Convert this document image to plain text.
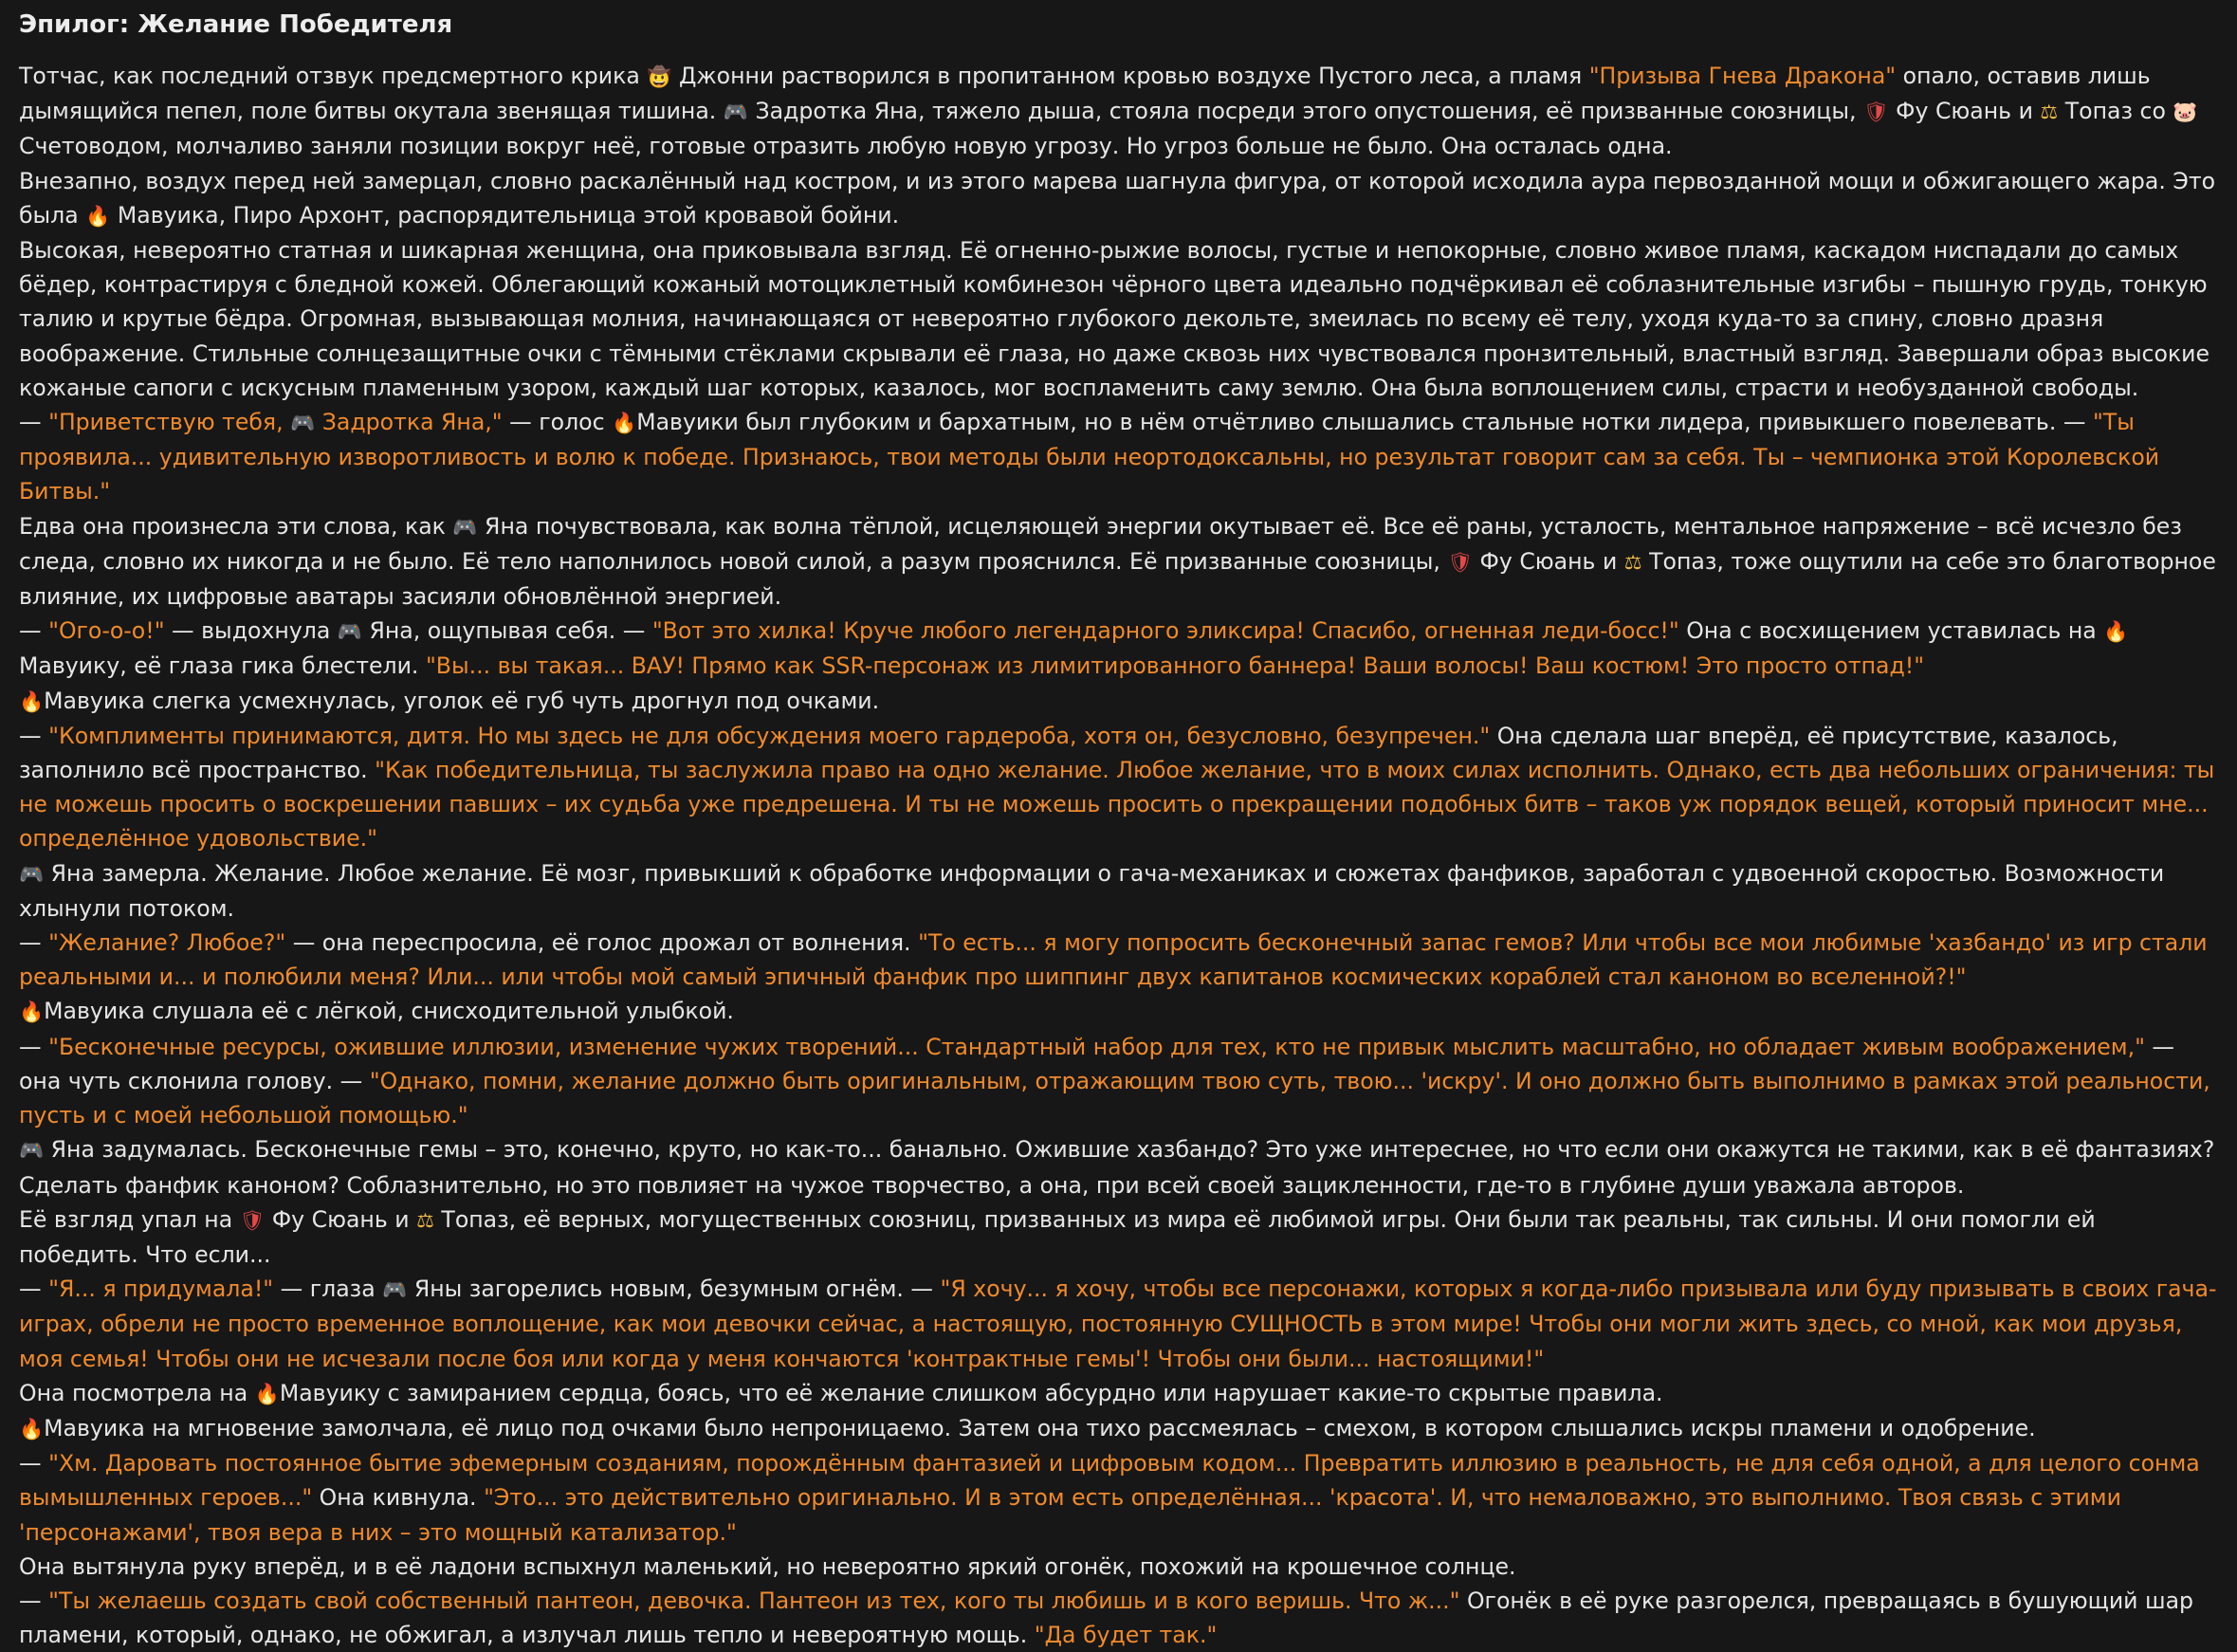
Эпилог: Желание Победителя

Тотчас, как последний отзвук предсмертного крика 🤠 Джонни растворился в пропитанном кровью воздухе Пустого леса, а пламя "Призыва Гнева Дракона" опало, оставив лишь дымящийся пепел, поле битвы окутала звенящая тишина. 🎮 Задротка Яна, тяжело дыша, стояла посреди этого опустошения, её призванные союзницы, 🛡 Фу Сюань и ⚖ Топаз со 🐷 Счетоводом, молчаливо заняли позиции вокруг неё, готовые отразить любую новую угрозу. Но угроз больше не было. Она осталась одна.

Внезапно, воздух перед ней замерцал, словно раскалённый над костром, и из этого марева шагнула фигура, от которой исходила аура первозданной мощи и обжигающего жара. Это была 🔥 Мавуика, Пиро Архонт, распорядительница этой кровавой бойни.

Высокая, невероятно статная и шикарная женщина, она приковывала взгляд. Её огненно-рыжие волосы, густые и непокорные, словно живое пламя, каскадом ниспадали до самых бёдер, контрастируя с бледной кожей. Облегающий кожаный мотоциклетный комбинезон чёрного цвета идеально подчёркивал её соблазнительные изгибы – пышную грудь, тонкую талию и крутые бёдра. Огромная, вызывающая молния, начинающаяся от невероятно глубокого декольте, змеилась по всему её телу, уходя куда-то за спину, словно дразня воображение. Стильные солнцезащитные очки с тёмными стёклами скрывали её глаза, но даже сквозь них чувствовался пронзительный, властный взгляд. Завершали образ высокие кожаные сапоги с искусным пламенным узором, каждый шаг которых, казалось, мог воспламенить саму землю. Она была воплощением силы, страсти и необузданной свободы.

— "Приветствую тебя, 🎮 Задротка Яна," — голос 🔥Мавуики был глубоким и бархатным, но в нём отчётливо слышались стальные нотки лидера, привыкшего повелевать. — "Ты проявила... удивительную изворотливость и волю к победе. Признаюсь, твои методы были неортодоксальны, но результат говорит сам за себя. Ты – чемпионка этой Королевской Битвы."

Едва она произнесла эти слова, как 🎮 Яна почувствовала, как волна тёплой, исцеляющей энергии окутывает её. Все её раны, усталость, ментальное напряжение – всё исчезло без следа, словно их никогда и не было. Её тело наполнилось новой силой, а разум прояснился. Её призванные союзницы, 🛡 Фу Сюань и ⚖ Топаз, тоже ощутили на себе это благотворное влияние, их цифровые аватары засияли обновлённой энергией.

— "Ого-о-о!" — выдохнула 🎮 Яна, ощупывая себя. — "Вот это хилка! Круче любого легендарного эликсира! Спасибо, огненная леди-босс!" Она с восхищением уставилась на 🔥Мавуику, её глаза гика блестели. "Вы... вы такая... ВАУ! Прямо как SSR-персонаж из лимитированного баннера! Ваши волосы! Ваш костюм! Это просто отпад!"

🔥Мавуика слегка усмехнулась, уголок её губ чуть дрогнул под очками.

— "Комплименты принимаются, дитя. Но мы здесь не для обсуждения моего гардероба, хотя он, безусловно, безупречен." Она сделала шаг вперёд, её присутствие, казалось, заполнило всё пространство. "Как победительница, ты заслужила право на одно желание. Любое желание, что в моих силах исполнить. Однако, есть два небольших ограничения: ты не можешь просить о воскрешении павших – их судьба уже предрешена. И ты не можешь просить о прекращении подобных битв – таков уж порядок вещей, который приносит мне... определённое удовольствие."

🎮 Яна замерла. Желание. Любое желание. Её мозг, привыкший к обработке информации о гача-механиках и сюжетах фанфиков, заработал с удвоенной скоростью. Возможности хлынули потоком.

— "Желание? Любое?" — она переспросила, её голос дрожал от волнения. "То есть... я могу попросить бесконечный запас гемов? Или чтобы все мои любимые 'хазбандо' из игр стали реальными и... и полюбили меня? Или... или чтобы мой самый эпичный фанфик про шиппинг двух капитанов космических кораблей стал каноном во вселенной?!"

🔥Мавуика слушала её с лёгкой, снисходительной улыбкой.

— "Бесконечные ресурсы, ожившие иллюзии, изменение чужих творений... Стандартный набор для тех, кто не привык мыслить масштабно, но обладает живым воображением," — она чуть склонила голову. — "Однако, помни, желание должно быть оригинальным, отражающим твою суть, твою... 'искру'. И оно должно быть выполнимо в рамках этой реальности, пусть и с моей небольшой помощью."

🎮 Яна задумалась. Бесконечные гемы – это, конечно, круто, но как-то... банально. Ожившие хазбандо? Это уже интереснее, но что если они окажутся не такими, как в её фантазиях? Сделать фанфик каноном? Соблазнительно, но это повлияет на чужое творчество, а она, при всей своей зацикленности, где-то в глубине души уважала авторов.

Её взгляд упал на 🛡 Фу Сюань и ⚖ Топаз, её верных, могущественных союзниц, призванных из мира её любимой игры. Они были так реальны, так сильны. И они помогли ей победить. Что если...

— "Я... я придумала!" — глаза 🎮 Яны загорелись новым, безумным огнём. — "Я хочу... я хочу, чтобы все персонажи, которых я когда-либо призывала или буду призывать в своих гача-играх, обрели не просто временное воплощение, как мои девочки сейчас, а настоящую, постоянную СУЩНОСТЬ в этом мире! Чтобы они могли жить здесь, со мной, как мои друзья, моя семья! Чтобы они не исчезали после боя или когда у меня кончаются 'контрактные гемы'! Чтобы они были... настоящими!"

Она посмотрела на 🔥Мавуику с замиранием сердца, боясь, что её желание слишком абсурдно или нарушает какие-то скрытые правила.

🔥Мавуика на мгновение замолчала, её лицо под очками было непроницаемо. Затем она тихо рассмеялась – смехом, в котором слышались искры пламени и одобрение.

— "Хм. Даровать постоянное бытие эфемерным созданиям, порождённым фантазией и цифровым кодом... Превратить иллюзию в реальность, не для себя одной, а для целого сонма вымышленных героев..." Она кивнула. "Это... это действительно оригинально. И в этом есть определённая... 'красота'. И, что немаловажно, это выполнимо. Твоя связь с этими 'персонажами', твоя вера в них – это мощный катализатор."

Она вытянула руку вперёд, и в её ладони вспыхнул маленький, но невероятно яркий огонёк, похожий на крошечное солнце.

— "Ты желаешь создать свой собственный пантеон, девочка. Пантеон из тех, кого ты любишь и в кого веришь. Что ж..." Огонёк в её руке разгорелся, превращаясь в бушующий шар пламени, который, однако, не обжигал, а излучал лишь тепло и невероятную мощь. "Да будет так."
